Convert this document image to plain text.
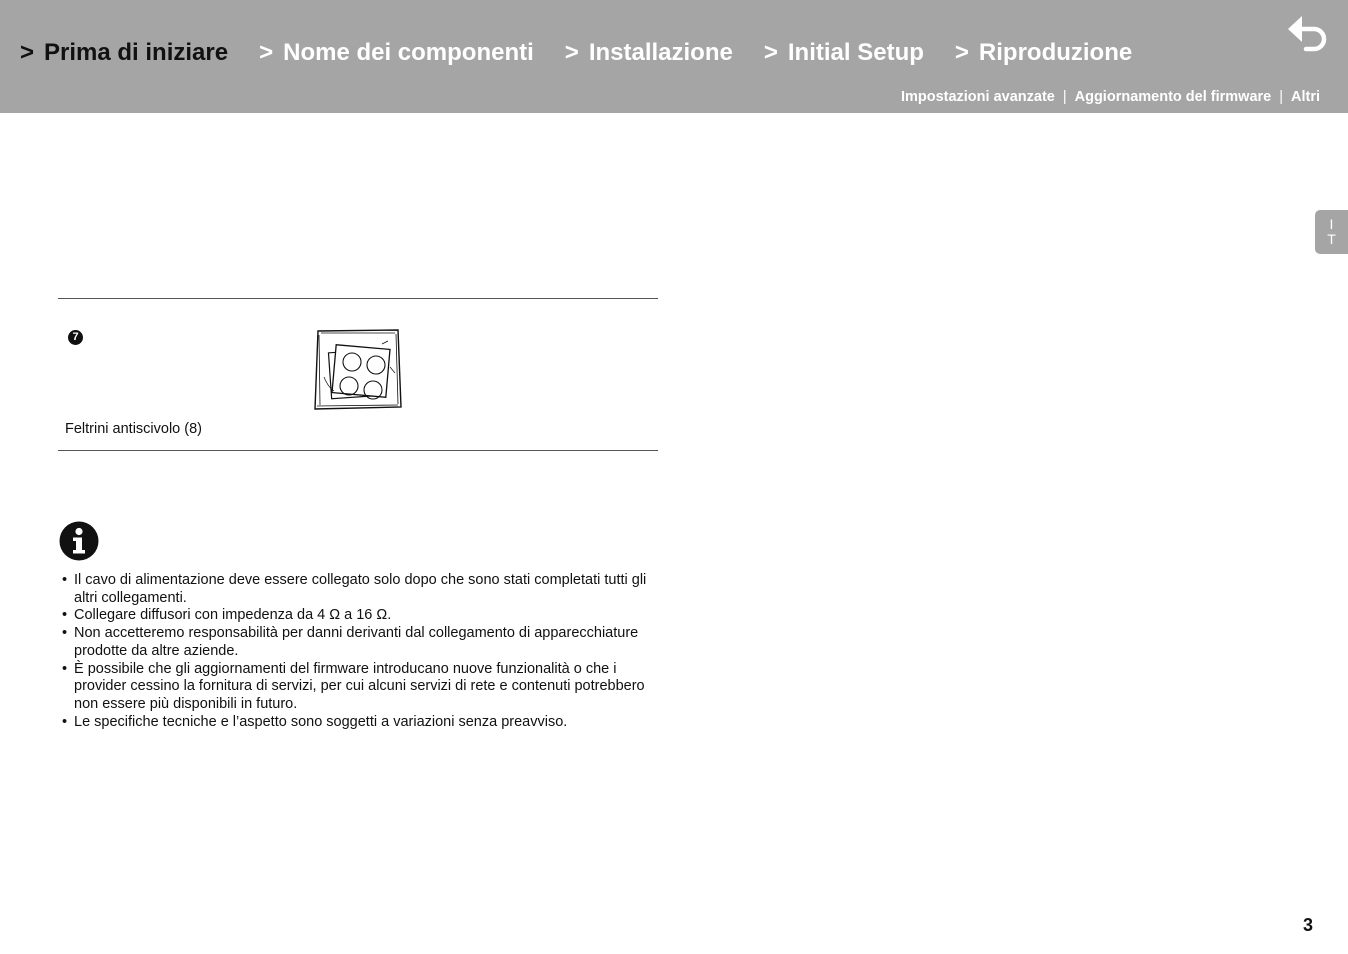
> Prima di iniziare > Nome dei componenti > Installazione > Initial Setup > Riproduzione
Impostazioni avanzate | Aggiornamento del firmware | Altri
I
T
7
Feltrini antiscivolo (8)
• Il cavo di alimentazione deve essere collegato solo dopo che sono stati completati tutti gli altri collegamenti.
• Collegare diffusori con impedenza da 4 Ω a 16 Ω.
• Non accetteremo responsabilità per danni derivanti dal collegamento di apparecchiature prodotte da altre aziende.
• È possibile che gli aggiornamenti del firmware introducano nuove funzionalità o che i provider cessino la fornitura di servizi, per cui alcuni servizi di rete e contenuti potrebbero non essere più disponibili in futuro.
• Le specifiche tecniche e l’aspetto sono soggetti a variazioni senza preavviso.
3
